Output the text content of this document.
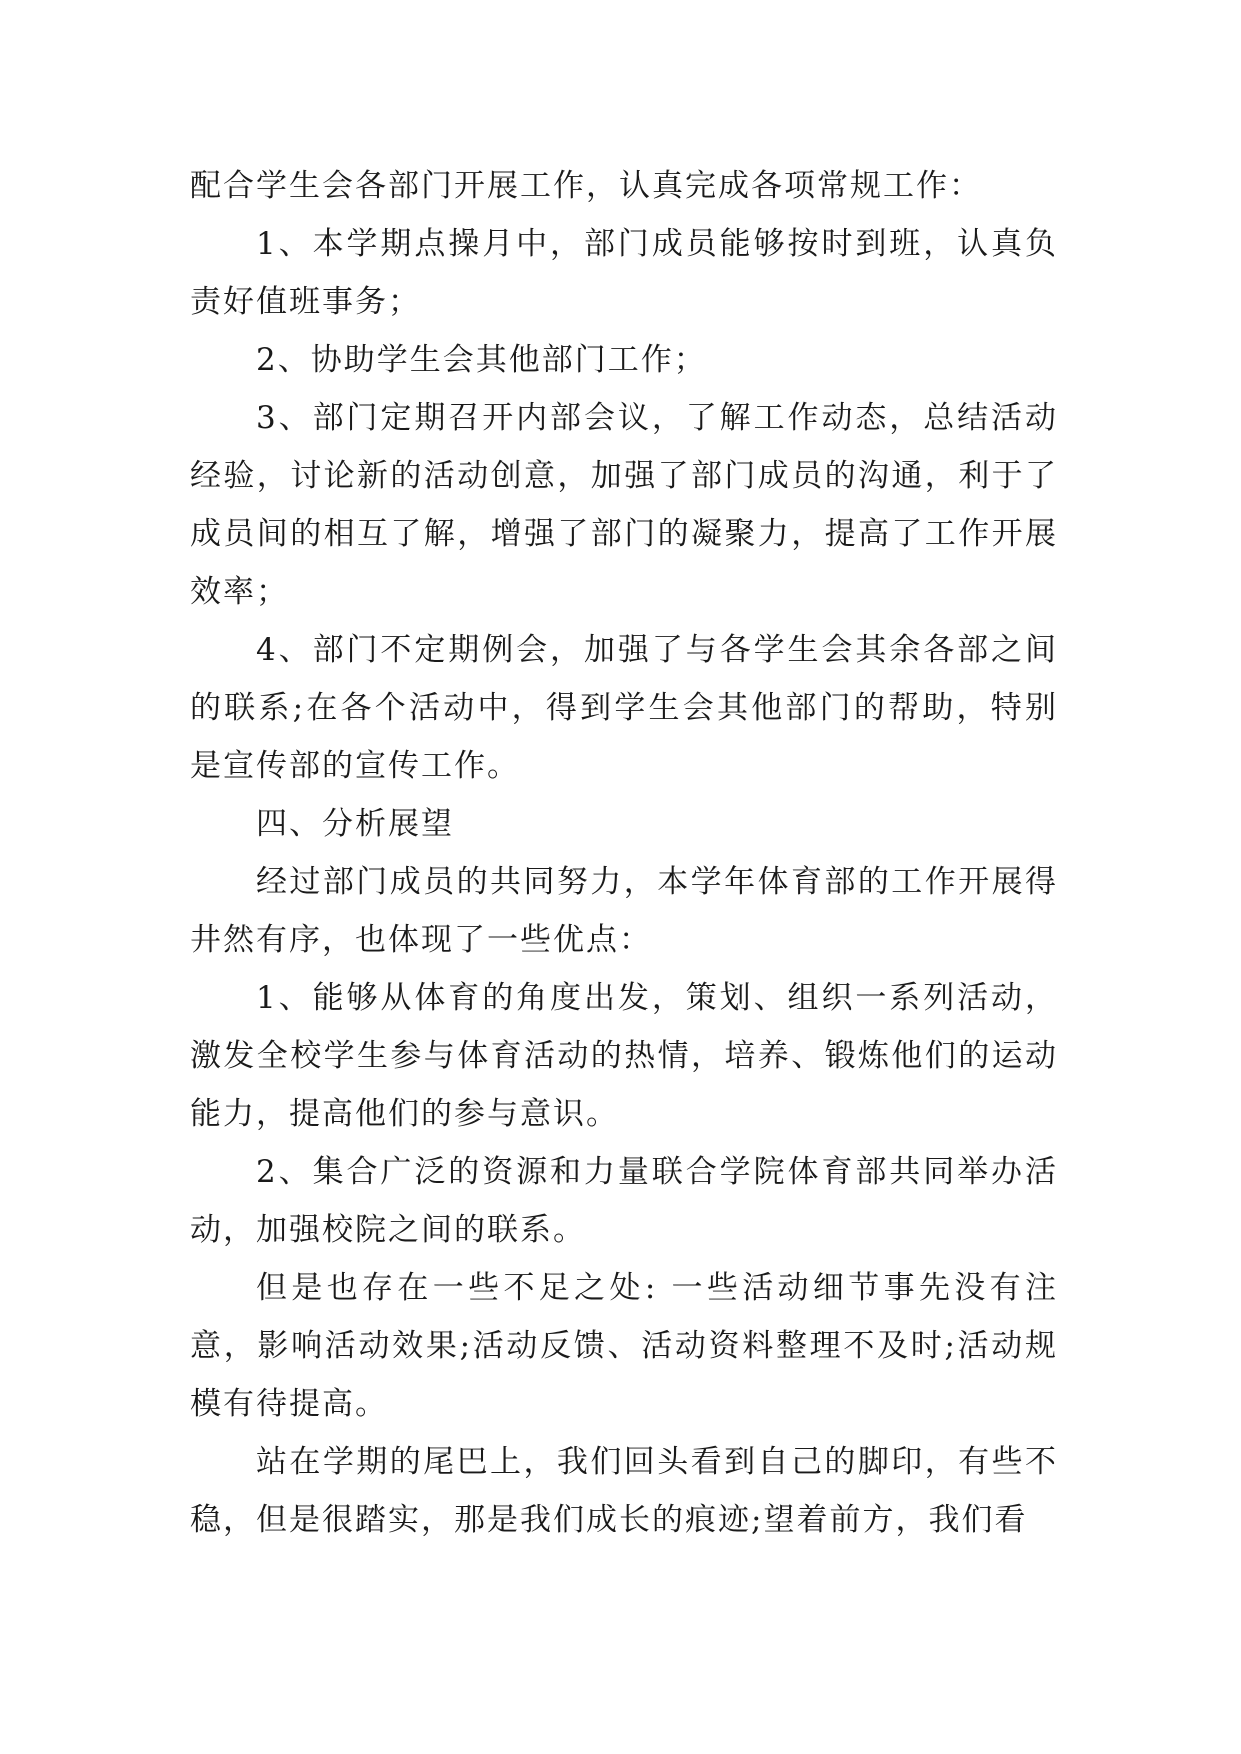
配合学生会各部门开展工作，认真完成各项常规工作：

1、本学期点操月中，部门成员能够按时到班，认真负责好值班事务；

2、协助学生会其他部门工作；

3、部门定期召开内部会议，了解工作动态，总结活动经验，讨论新的活动创意，加强了部门成员的沟通，利于了成员间的相互了解，增强了部门的凝聚力，提高了工作开展效率；

4、部门不定期例会，加强了与各学生会其余各部之间的联系;在各个活动中，得到学生会其他部门的帮助，特别是宣传部的宣传工作。

四、分析展望

经过部门成员的共同努力，本学年体育部的工作开展得井然有序，也体现了一些优点：

1、能够从体育的角度出发，策划、组织一系列活动，激发全校学生参与体育活动的热情，培养、锻炼他们的运动能力，提高他们的参与意识。

2、集合广泛的资源和力量联合学院体育部共同举办活动，加强校院之间的联系。

但是也存在一些不足之处: 一些活动细节事先没有注意，影响活动效果;活动反馈、活动资料整理不及时;活动规模有待提高。

站在学期的尾巴上，我们回头看到自己的脚印，有些不稳，但是很踏实，那是我们成长的痕迹;望着前方，我们看
